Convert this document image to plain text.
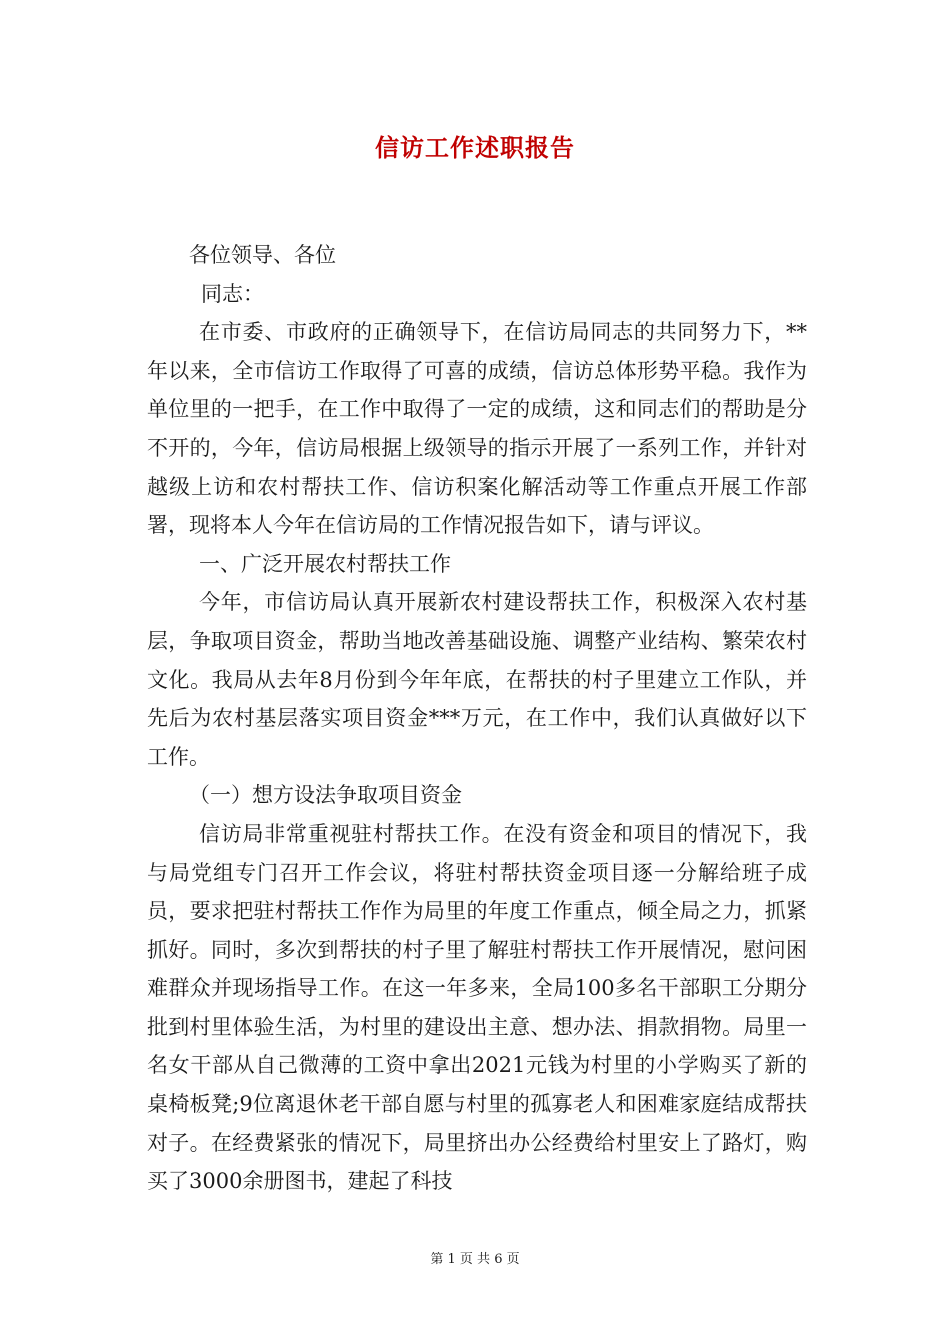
信访工作述职报告

各位领导、各位

同志：

在市委、市政府的正确领导下，在信访局同志的共同努力下，**年以来，全市信访工作取得了可喜的成绩，信访总体形势平稳。我作为单位里的一把手，在工作中取得了一定的成绩，这和同志们的帮助是分不开的，今年，信访局根据上级领导的指示开展了一系列工作，并针对越级上访和农村帮扶工作、信访积案化解活动等工作重点开展工作部署，现将本人今年在信访局的工作情况报告如下，请与评议。

一、广泛开展农村帮扶工作

今年，市信访局认真开展新农村建设帮扶工作，积极深入农村基层，争取项目资金，帮助当地改善基础设施、调整产业结构、繁荣农村文化。我局从去年8月份到今年年底，在帮扶的村子里建立工作队，并先后为农村基层落实项目资金***万元，在工作中，我们认真做好以下工作。

（一）想方设法争取项目资金

信访局非常重视驻村帮扶工作。在没有资金和项目的情况下，我与局党组专门召开工作会议，将驻村帮扶资金项目逐一分解给班子成员，要求把驻村帮扶工作作为局里的年度工作重点，倾全局之力，抓紧抓好。同时，多次到帮扶的村子里了解驻村帮扶工作开展情况，慰问困难群众并现场指导工作。在这一年多来，全局100多名干部职工分期分批到村里体验生活，为村里的建设出主意、想办法、捐款捐物。局里一名女干部从自己微薄的工资中拿出2021元钱为村里的小学购买了新的桌椅板凳;9位离退休老干部自愿与村里的孤寡老人和困难家庭结成帮扶对子。在经费紧张的情况下，局里挤出办公经费给村里安上了路灯，购买了3000余册图书，建起了科技

第 1 页 共 6 页
